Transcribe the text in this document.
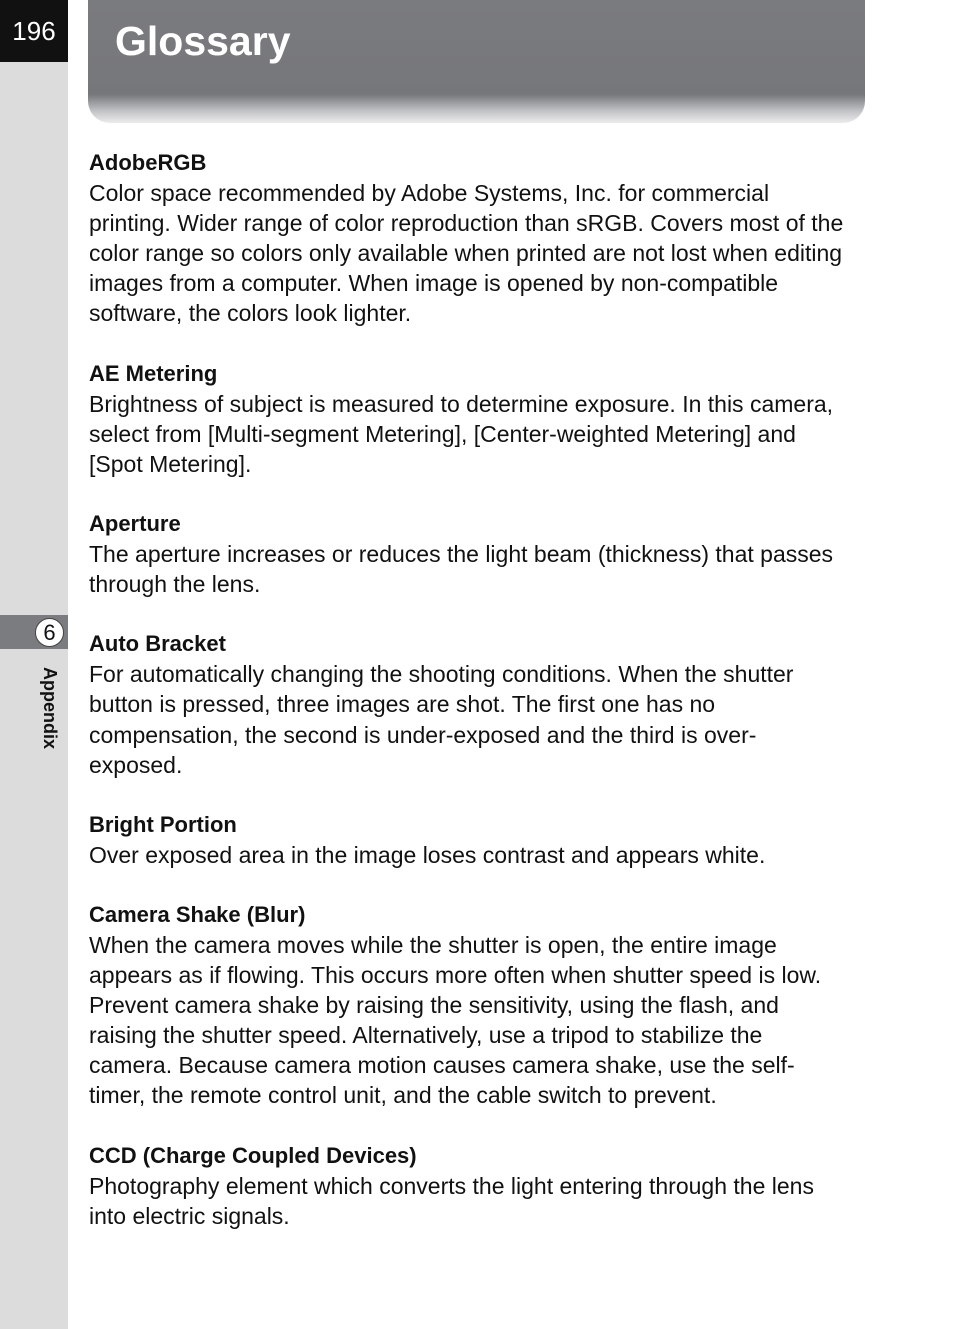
196
6
Appendix
Glossary
AdobeRGB
Color space recommended by Adobe Systems, Inc. for commercial
printing. Wider range of color reproduction than sRGB. Covers most of the
color range so colors only available when printed are not lost when editing
images from a computer. When image is opened by non-compatible
software, the colors look lighter.
AE Metering
Brightness of subject is measured to determine exposure. In this camera,
select from [Multi-segment Metering], [Center-weighted Metering] and
[Spot Metering].
Aperture
The aperture increases or reduces the light beam (thickness) that passes
through the lens.
Auto Bracket
For automatically changing the shooting conditions. When the shutter
button is pressed, three images are shot. The first one has no
compensation, the second is under-exposed and the third is over-
exposed.
Bright Portion
Over exposed area in the image loses contrast and appears white.
Camera Shake (Blur)
When the camera moves while the shutter is open, the entire image
appears as if flowing. This occurs more often when shutter speed is low.
Prevent camera shake by raising the sensitivity, using the flash, and
raising the shutter speed. Alternatively, use a tripod to stabilize the
camera. Because camera motion causes camera shake, use the self-
timer, the remote control unit, and the cable switch to prevent.
CCD (Charge Coupled Devices)
Photography element which converts the light entering through the lens
into electric signals.
